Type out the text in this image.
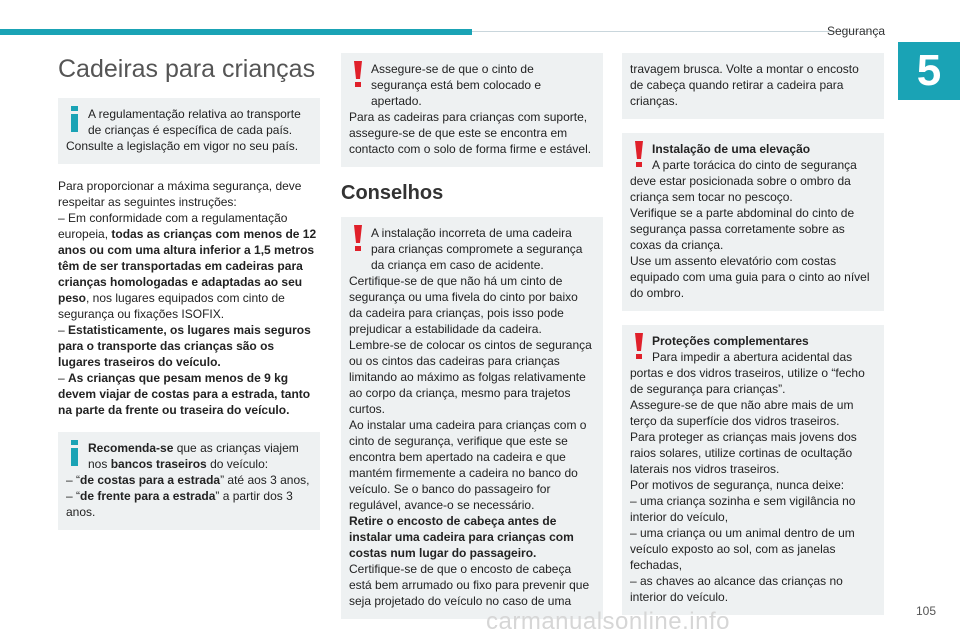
Segurança
5
Cadeiras para crianças

A regulamentação relativa ao transporte de crianças é específica de cada país.

Consulte a legislação em vigor no seu país.

Para proporcionar a máxima segurança, deve respeitar as seguintes instruções:

– Em conformidade com a regulamentação europeia, todas as crianças com menos de 12 anos ou com uma altura inferior a 1,5 metros têm de ser transportadas em cadeiras para crianças homologadas e adaptadas ao seu peso, nos lugares equipados com cinto de segurança ou fixações ISOFIX.

– Estatisticamente, os lugares mais seguros para o transporte das crianças são os lugares traseiros do veículo.

– As crianças que pesam menos de 9 kg devem viajar de costas para a estrada, tanto na parte da frente ou traseira do veículo.

Recomenda-se que as crianças viajem nos bancos traseiros do veículo:

– “de costas para a estrada” até aos 3 anos,

– “de frente para a estrada” a partir dos 3 anos.

Assegure-se de que o cinto de segurança está bem colocado e apertado.

Para as cadeiras para crianças com suporte, assegure-se de que este se encontra em contacto com o solo de forma firme e estável.

Conselhos

A instalação incorreta de uma cadeira para crianças compromete a segurança da criança em caso de acidente.

Certifique-se de que não há um cinto de segurança ou uma fivela do cinto por baixo da cadeira para crianças, pois isso pode prejudicar a estabilidade da cadeira.

Lembre-se de colocar os cintos de segurança ou os cintos das cadeiras para crianças limitando ao máximo as folgas relativamente ao corpo da criança, mesmo para trajetos curtos.

Ao instalar uma cadeira para crianças com o cinto de segurança, verifique que este se encontra bem apertado na cadeira e que mantém firmemente a cadeira no banco do veículo. Se o banco do passageiro for regulável, avance-o se necessário.

Retire o encosto de cabeça antes de instalar uma cadeira para crianças com costas num lugar do passageiro.

Certifique-se de que o encosto de cabeça está bem arrumado ou fixo para prevenir que seja projetado do veículo no caso de uma

travagem brusca. Volte a montar o encosto de cabeça quando retirar a cadeira para crianças.

Instalação de uma elevação

A parte torácica do cinto de segurança deve estar posicionada sobre o ombro da criança sem tocar no pescoço.

Verifique se a parte abdominal do cinto de segurança passa corretamente sobre as coxas da criança.

Use um assento elevatório com costas equipado com uma guia para o cinto ao nível do ombro.

Proteções complementares

Para impedir a abertura acidental das portas e dos vidros traseiros, utilize o “fecho de segurança para crianças”.

Assegure-se de que não abre mais de um terço da superfície dos vidros traseiros.

Para proteger as crianças mais jovens dos raios solares, utilize cortinas de ocultação laterais nos vidros traseiros.

Por motivos de segurança, nunca deixe:

– uma criança sozinha e sem vigilância no interior do veículo,

– uma criança ou um animal dentro de um veículo exposto ao sol, com as janelas fechadas,

– as chaves ao alcance das crianças no interior do veículo.

carmanualsonline.info	105
